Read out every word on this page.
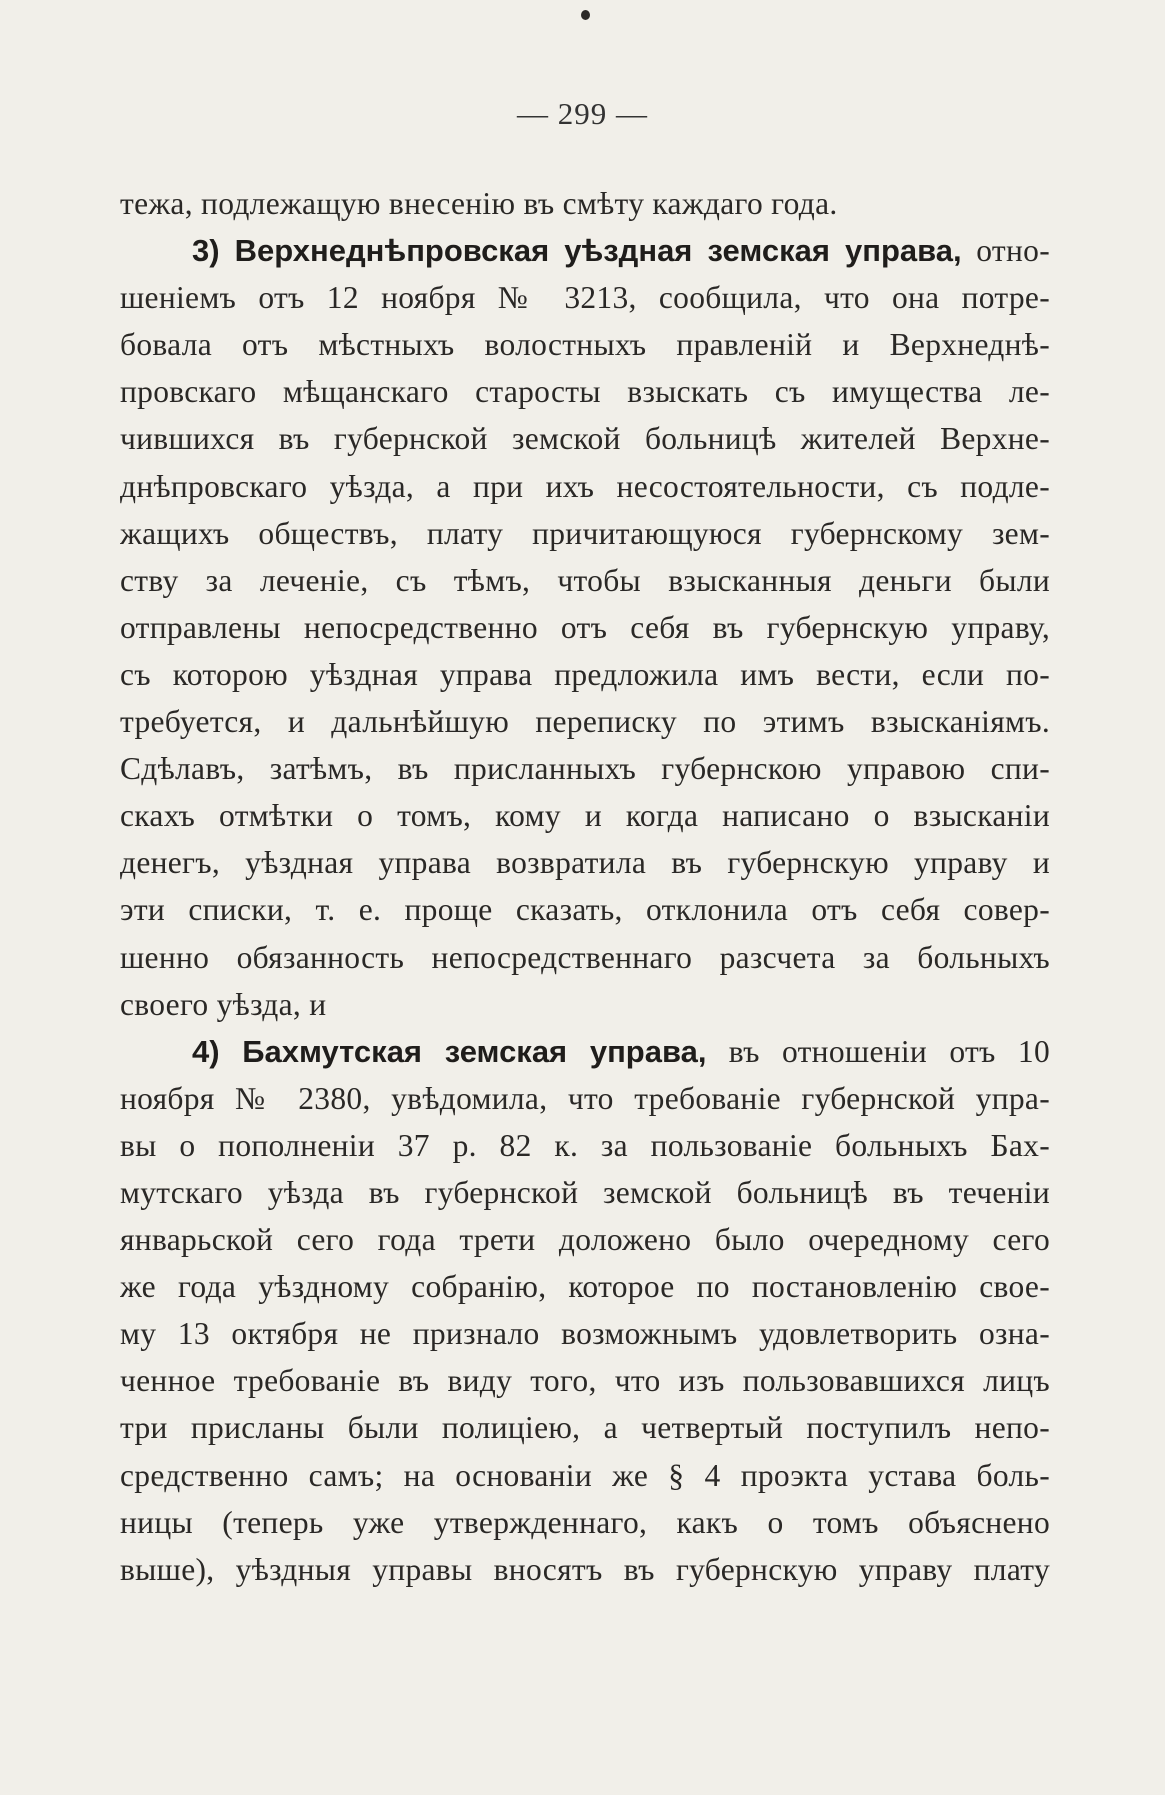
— 299 —
тежа, подлежащую внесенію въ смѣту каждаго года.
3) Верхнеднѣпровская уѣздная земская управа, отно-
шеніемъ отъ 12 ноября № 3213, сообщила, что она потре-
бовала отъ мѣстныхъ волостныхъ правленій и Верхнеднѣ-
провскаго мѣщанскаго старосты взыскать съ имущества ле-
чившихся въ губернской земской больницѣ жителей Верхне-
днѣпровскаго уѣзда, а при ихъ несостоятельности, съ подле-
жащихъ обществъ, плату причитающуюся губернскому зем-
ству за леченіе, съ тѣмъ, чтобы взысканныя деньги были
отправлены непосредственно отъ себя въ губернскую управу,
съ которою уѣздная управа предложила имъ вести, если по-
требуется, и дальнѣйшую переписку по этимъ взысканіямъ.
Сдѣлавъ, затѣмъ, въ присланныхъ губернскою управою спи-
скахъ отмѣтки о томъ, кому и когда написано о взысканіи
денегъ, уѣздная управа возвратила въ губернскую управу и
эти списки, т. е. проще сказать, отклонила отъ себя совер-
шенно обязанность непосредственнаго разсчета за больныхъ
своего уѣзда, и
4) Бахмутская земская управа, въ отношеніи отъ 10
ноября № 2380, увѣдомила, что требованіе губернской упра-
вы о пополненіи 37 р. 82 к. за пользованіе больныхъ Бах-
мутскаго уѣзда въ губернской земской больницѣ въ теченіи
январьской сего года трети доложено было очередному сего
же года уѣздному собранію, которое по постановленію свое-
му 13 октября не признало возможнымъ удовлетворить озна-
ченное требованіе въ виду того, что изъ пользовавшихся лицъ
три присланы были полиціею, а четвертый поступилъ непо-
средственно самъ; на основаніи же § 4 проэкта устава боль-
ницы (теперь уже утвержденнаго, какъ о томъ объяснено
выше), уѣздныя управы вносятъ въ губернскую управу плату
